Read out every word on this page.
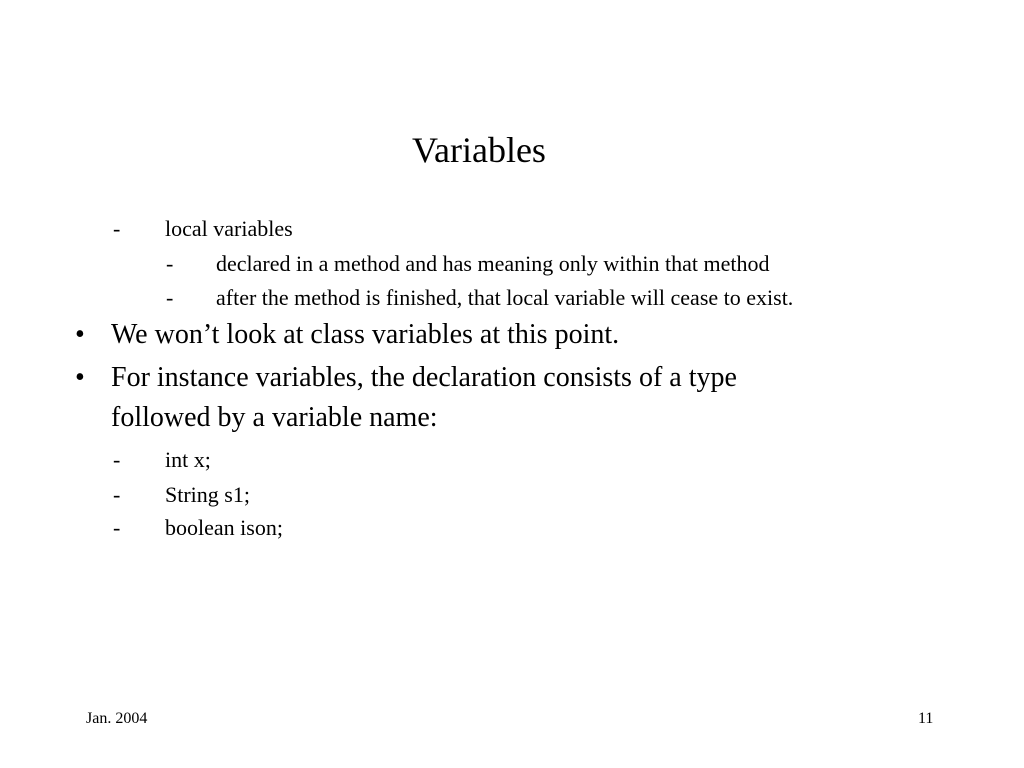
Variables
- local variables
- declared in a method and has meaning only within that method
- after the method is finished, that local variable will cease to exist.
• We won’t look at class variables at this point.
• For instance variables, the declaration consists of a type
followed by a variable name:
- int x;
- String s1;
- boolean ison;
Jan. 2004	11
